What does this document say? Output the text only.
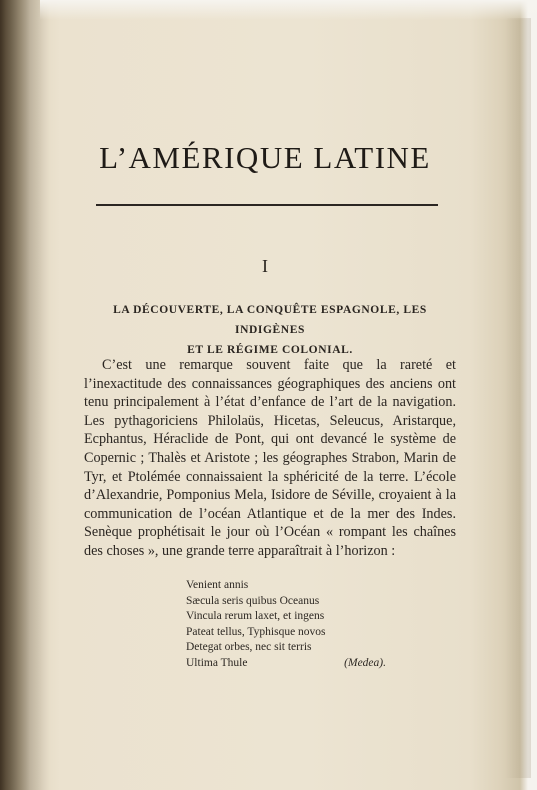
L’AMÉRIQUE LATINE
I
LA DÉCOUVERTE, LA CONQUÊTE ESPAGNOLE, LES INDIGÈNES
ET LE RÉGIME COLONIAL.
C’est une remarque souvent faite que la rareté et l’inexactitude des connaissances géographiques des anciens ont tenu principalement à l’état d’enfance de l’art de la navigation. Les pythagoriciens Philolaüs, Hicetas, Seleucus, Aristarque, Ecphantus, Héraclide de Pont, qui ont devancé le système de Copernic ; Thalès et Aristote ; les géographes Strabon, Marin de Tyr, et Ptolémée connaissaient la sphéricité de la terre. L’école d’Alexandrie, Pomponius Mela, Isidore de Séville, croyaient à la communication de l’océan Atlantique et de la mer des Indes. Senèque prophétisait le jour où l’Océan « rompant les chaînes des choses », une grande terre apparaîtrait à l’horizon :
Venient annis
Sæcula seris quibus Oceanus
Vincula rerum laxet, et ingens
Pateat tellus, Typhisque novos
Detegat orbes, nec sit terris
Ultima Thule	(Medea).
